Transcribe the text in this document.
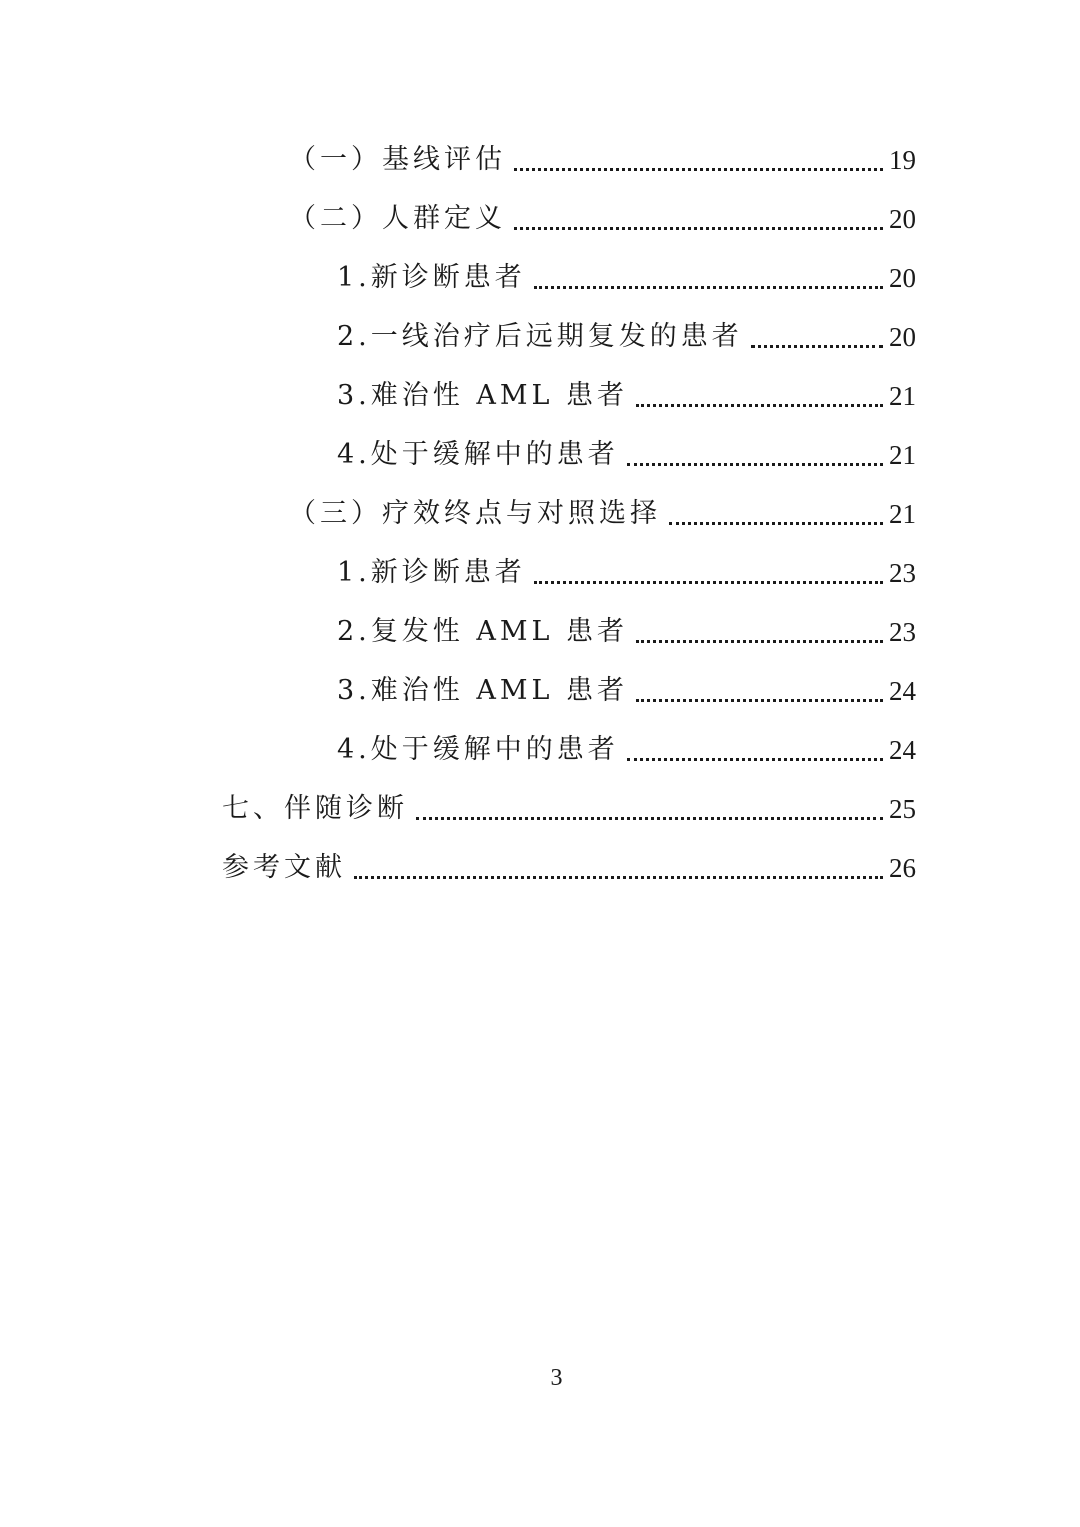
（一）基线评估	19
（二）人群定义	20
1.新诊断患者	20
2.一线治疗后远期复发的患者	20
3.难治性 AML 患者	21
4.处于缓解中的患者	21
（三）疗效终点与对照选择	21
1.新诊断患者	23
2.复发性 AML 患者	23
3.难治性 AML 患者	24
4.处于缓解中的患者	24
七、伴随诊断	25
参考文献	26
3
